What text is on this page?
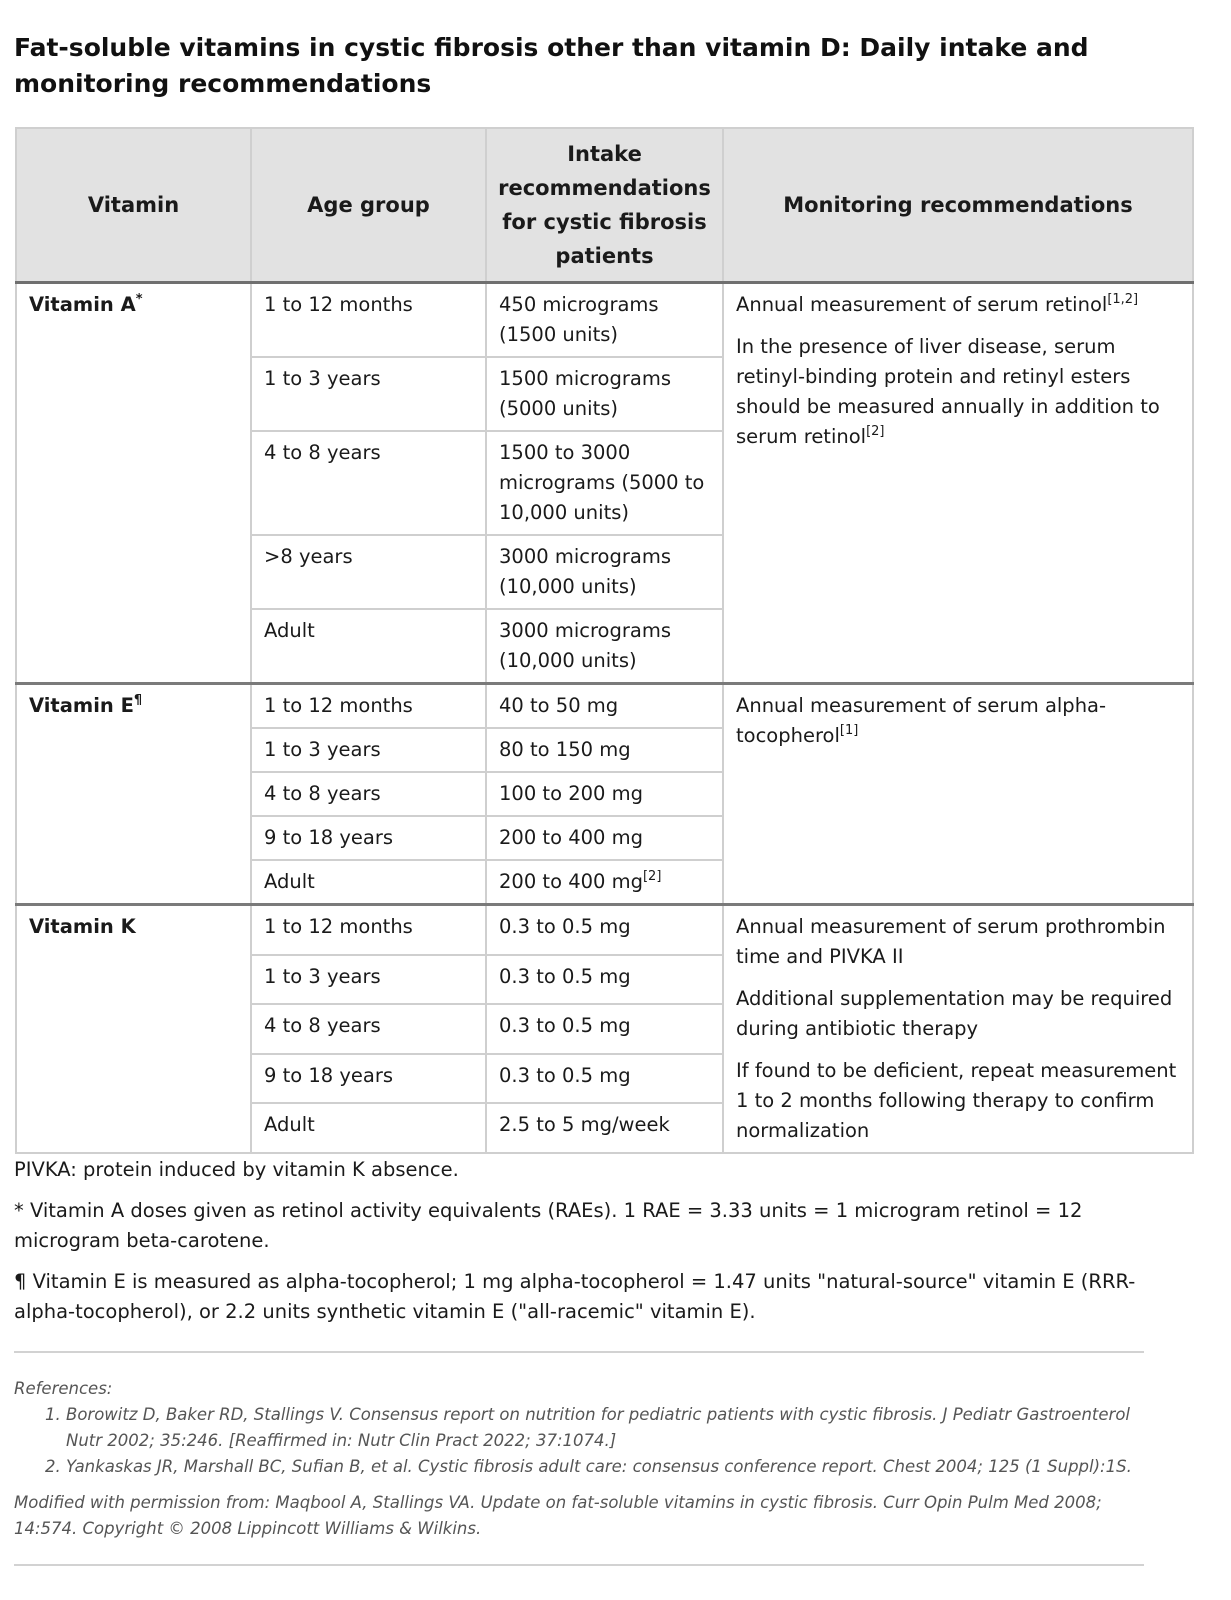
Fat-soluble vitamins in cystic fibrosis other than vitamin D: Daily intake and monitoring recommendations
Vitamin	Age group	Intake recommendations for cystic fibrosis patients	Monitoring recommendations
Vitamin A*	1 to 12 months	450 micrograms (1500 units)	Annual measurement of serum retinol[1,2]

In the presence of liver disease, serum retinyl-binding protein and retinyl esters should be measured annually in addition to serum retinol[2]

	1 to 3 years	1500 micrograms (5000 units)	
	4 to 8 years	1500 to 3000 micrograms (5000 to 10,000 units)	
	>8 years	3000 micrograms (10,000 units)	
	Adult	3000 micrograms (10,000 units)	
Vitamin E¶	1 to 12 months	40 to 50 mg	Annual measurement of serum alpha-tocopherol[1]

	1 to 3 years	80 to 150 mg	
	4 to 8 years	100 to 200 mg	
	9 to 18 years	200 to 400 mg	
	Adult	200 to 400 mg[2]
Vitamin K	1 to 12 months	0.3 to 0.5 mg	Annual measurement of serum prothrombin time and PIVKA II

Additional supplementation may be required during antibiotic therapy

If found to be deficient, repeat measurement 1 to 2 months following therapy to confirm normalization

	1 to 3 years	0.3 to 0.5 mg	
	4 to 8 years	0.3 to 0.5 mg	
	9 to 18 years	0.3 to 0.5 mg	
	Adult	2.5 to 5 mg/week	

PIVKA: protein induced by vitamin K absence.

* Vitamin A doses given as retinol activity equivalents (RAEs). 1 RAE = 3.33 units = 1 microgram retinol = 12 microgram beta-carotene.

¶ Vitamin E is measured as alpha-tocopherol; 1 mg alpha-tocopherol = 1.47 units "natural-source" vitamin E (RRR-alpha-tocopherol), or 2.2 units synthetic vitamin E ("all-racemic" vitamin E).

References:
1. Borowitz D, Baker RD, Stallings V. Consensus report on nutrition for pediatric patients with cystic fibrosis. J Pediatr Gastroenterol Nutr 2002; 35:246. [Reaffirmed in: Nutr Clin Pract 2022; 37:1074.]
2. Yankaskas JR, Marshall BC, Sufian B, et al. Cystic fibrosis adult care: consensus conference report. Chest 2004; 125 (1 Suppl):1S.
Modified with permission from: Maqbool A, Stallings VA. Update on fat-soluble vitamins in cystic fibrosis. Curr Opin Pulm Med 2008; 14:574. Copyright © 2008 Lippincott Williams & Wilkins.
